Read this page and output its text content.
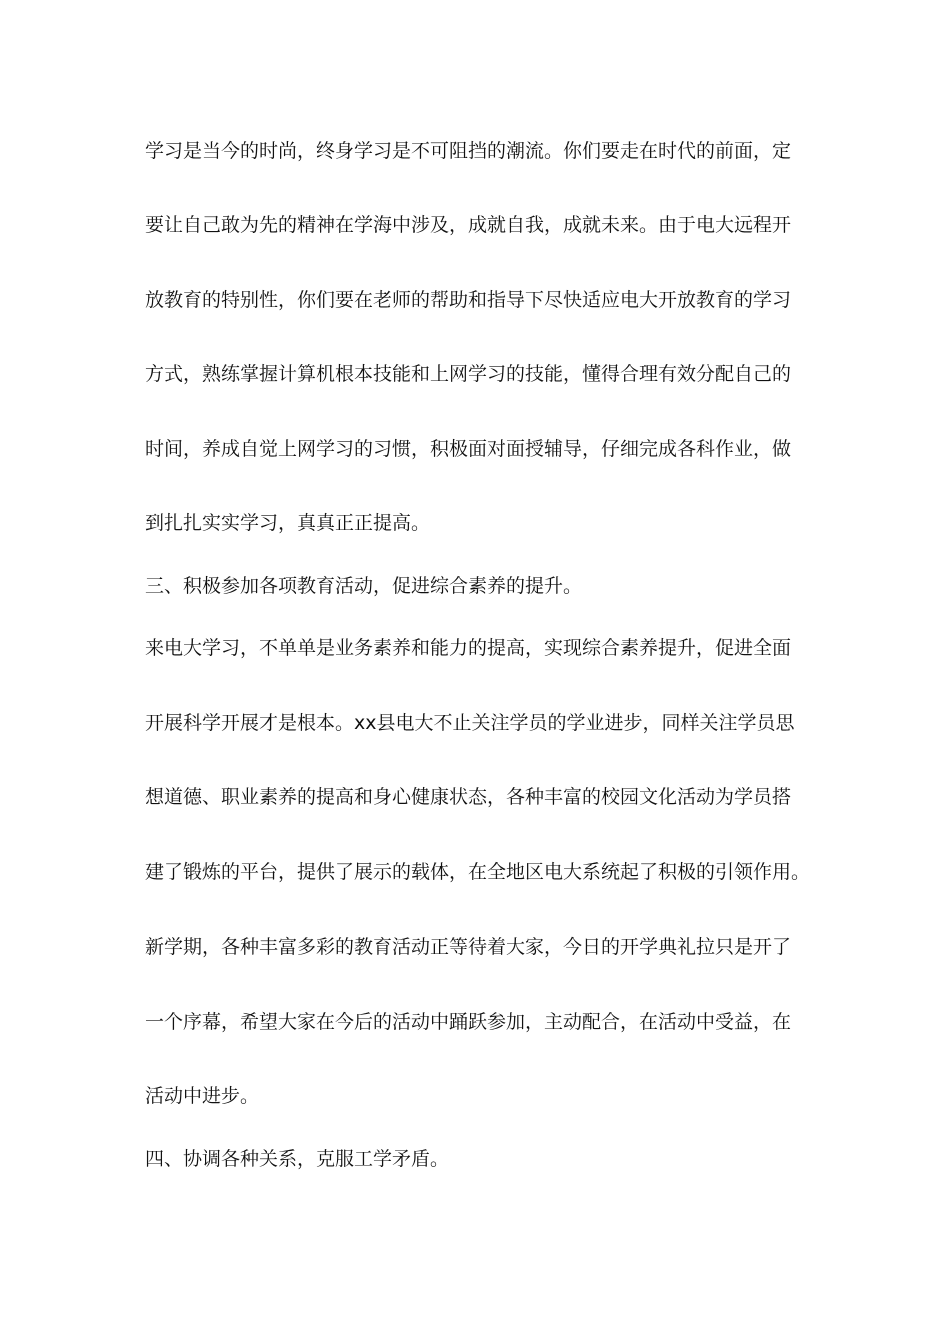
学习是当今的时尚，终身学习是不可阻挡的潮流。你们要走在时代的前面，定
要让自己敢为先的精神在学海中涉及，成就自我，成就未来。由于电大远程开
放教育的特别性，你们要在老师的帮助和指导下尽快适应电大开放教育的学习
方式，熟练掌握计算机根本技能和上网学习的技能，懂得合理有效分配自己的
时间，养成自觉上网学习的习惯，积极面对面授辅导，仔细完成各科作业，做
到扎扎实实学习，真真正正提高。
三、积极参加各项教育活动，促进综合素养的提升。
来电大学习，不单单是业务素养和能力的提高，实现综合素养提升，促进全面
开展科学开展才是根本。xx县电大不止关注学员的学业进步，同样关注学员思
想道德、职业素养的提高和身心健康状态，各种丰富的校园文化活动为学员搭
建了锻炼的平台，提供了展示的载体，在全地区电大系统起了积极的引领作用。
新学期，各种丰富多彩的教育活动正等待着大家，今日的开学典礼拉只是开了
一个序幕，希望大家在今后的活动中踊跃参加，主动配合，在活动中受益，在
活动中进步。
四、协调各种关系，克服工学矛盾。
